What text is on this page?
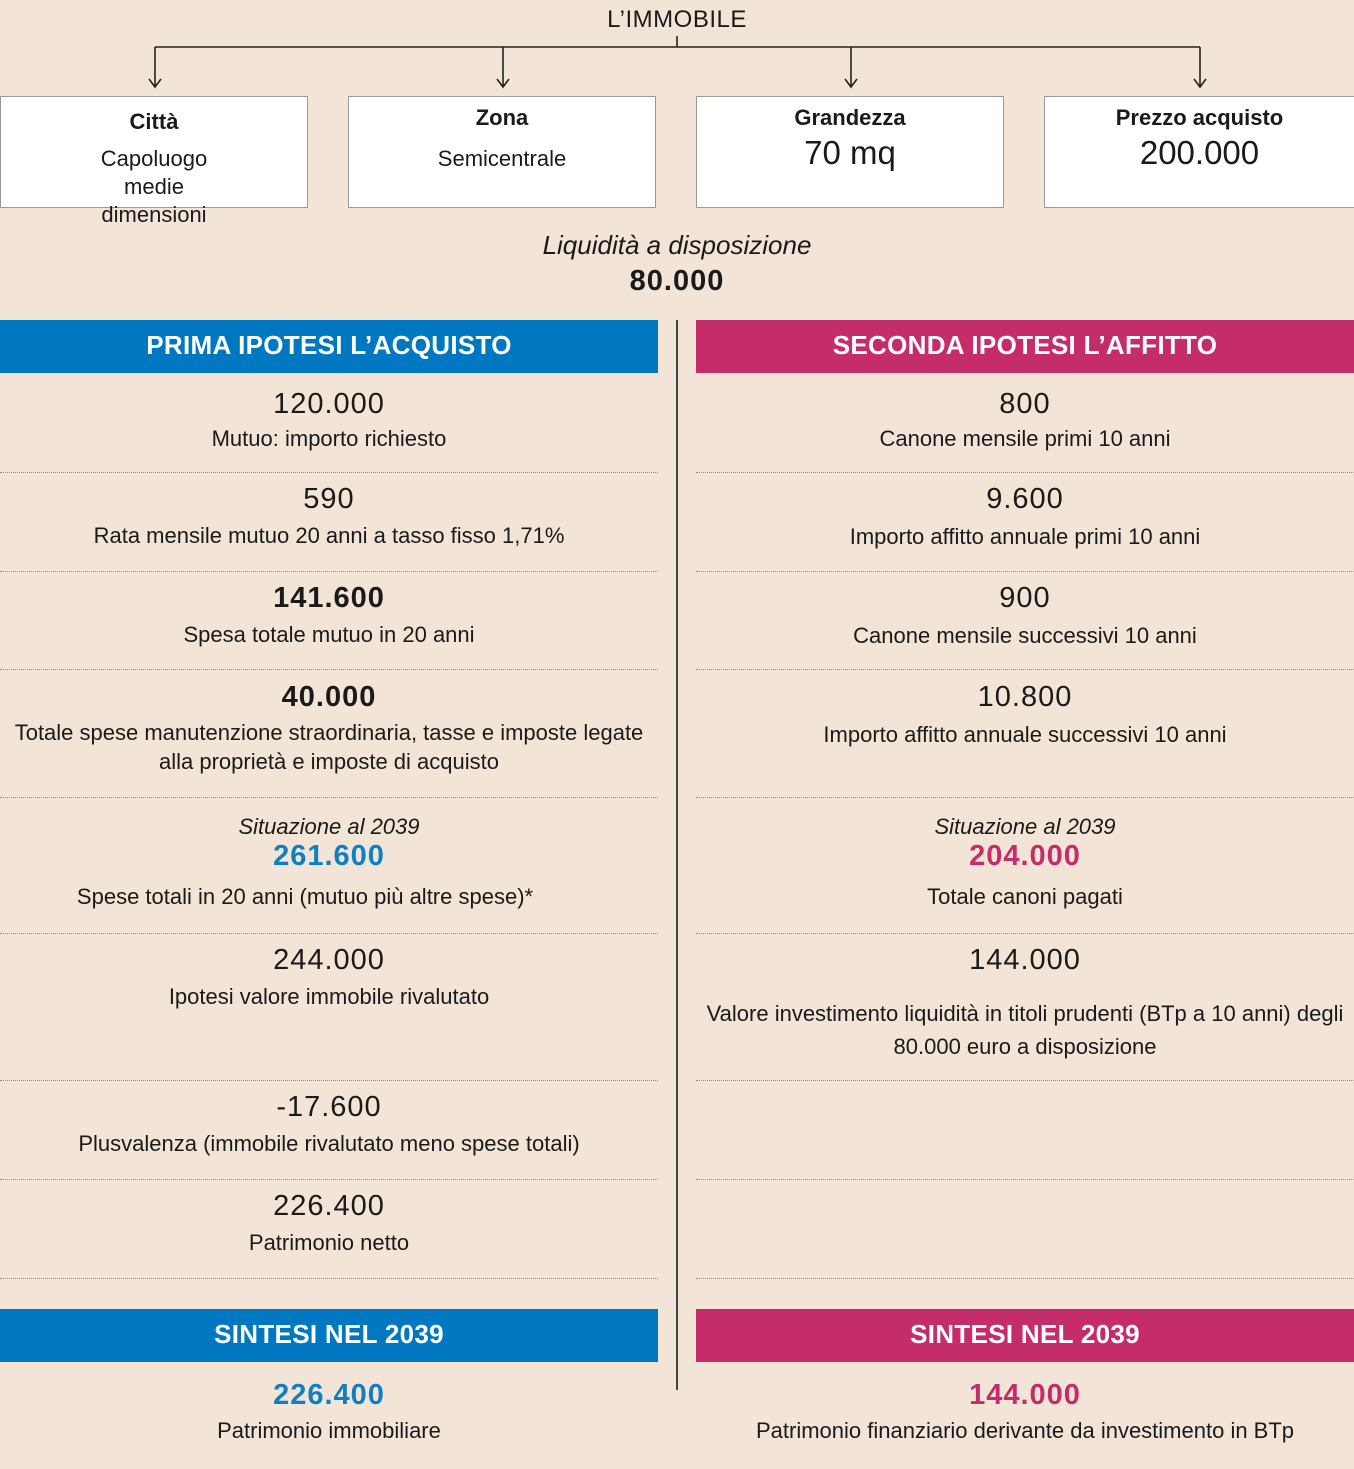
L’IMMOBILE
Città
Capoluogo medie dimensioni
Zona
Semicentrale
Grandezza
70 mq
Prezzo acquisto
200.000
Liquidità a disposizione
80.000
PRIMA IPOTESI L’ACQUISTO	SECONDA IPOTESI L’AFFITTO
120.000
Mutuo: importo richiesto
590
Rata mensile mutuo 20 anni a tasso fisso 1,71%
141.600
Spesa totale mutuo in 20 anni
40.000
Totale spese manutenzione straordinaria, tasse e imposte legate alla proprietà e imposte di acquisto
Situazione al 2039
261.600
Spese totali in 20 anni (mutuo più altre spese)*
244.000
Ipotesi valore immobile rivalutato
-17.600
Plusvalenza (immobile rivalutato meno spese totali)
226.400
Patrimonio netto
800
Canone mensile primi 10 anni
9.600
Importo affitto annuale primi 10 anni
900
Canone mensile successivi 10 anni
10.800
Importo affitto annuale successivi 10 anni
Situazione al 2039
204.000
Totale canoni pagati
144.000
Valore investimento liquidità in titoli prudenti (BTp a 10 anni) degli 80.000 euro a disposizione
SINTESI NEL 2039	SINTESI NEL 2039
226.400
Patrimonio immobiliare
144.000
Patrimonio finanziario derivante da investimento in BTp
